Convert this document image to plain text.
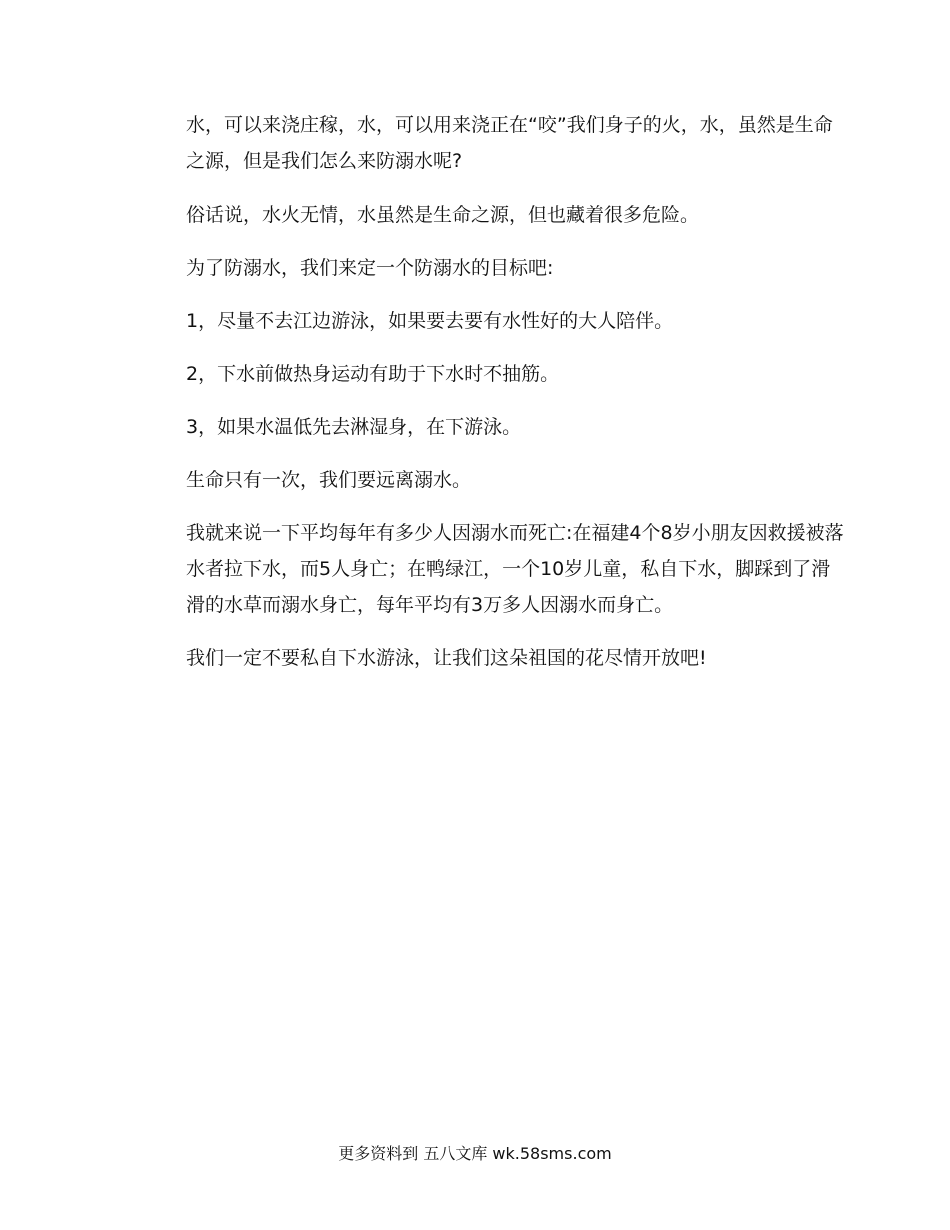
水，可以来浇庄稼，水，可以用来浇正在“咬”我们身子的火，水，虽然是生命之源，但是我们怎么来防溺水呢?

俗话说，水火无情，水虽然是生命之源，但也藏着很多危险。

为了防溺水，我们来定一个防溺水的目标吧:

1，尽量不去江边游泳，如果要去要有水性好的大人陪伴。

2，下水前做热身运动有助于下水时不抽筋。

3，如果水温低先去淋湿身，在下游泳。

生命只有一次，我们要远离溺水。

我就来说一下平均每年有多少人因溺水而死亡:在福建4个8岁小朋友因救援被落水者拉下水，而5人身亡；在鸭绿江，一个10岁儿童，私自下水，脚踩到了滑滑的水草而溺水身亡，每年平均有3万多人因溺水而身亡。

我们一定不要私自下水游泳，让我们这朵祖国的花尽情开放吧!

更多资料到 五八文库 wk.58sms.com
